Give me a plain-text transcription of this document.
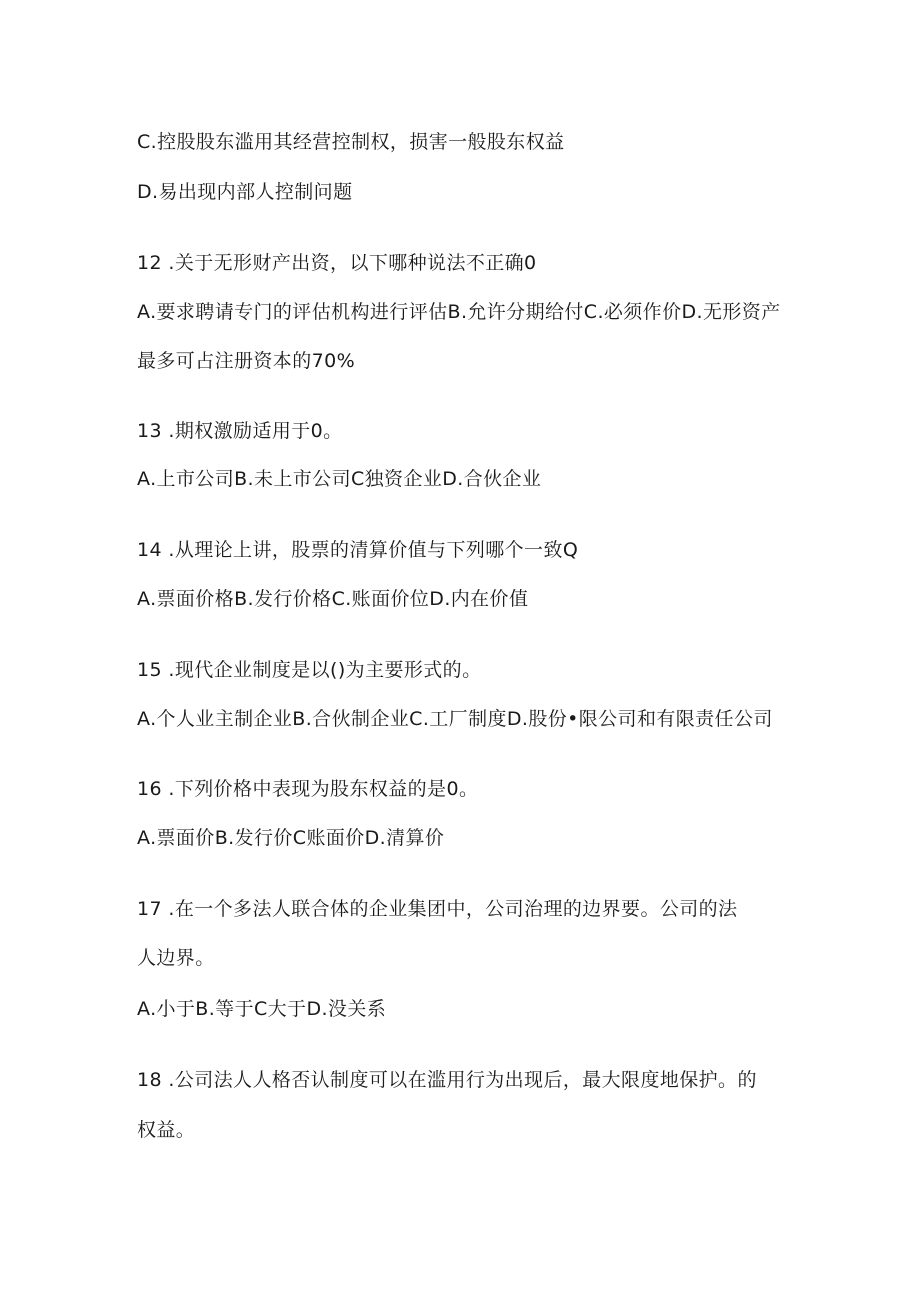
C.控股股东滥用其经营控制权，损害一般股东权益
D.易出现内部人控制问题
12 .关于无形财产出资，以下哪种说法不正确0
A.要求聘请专门的评估机构进行评估B.允许分期给付C.必须作价D.无形资产
最多可占注册资本的70%
13 .期权激励适用于0。
A.上市公司B.未上市公司C独资企业D.合伙企业
14 .从理论上讲，股票的清算价值与下列哪个一致Q
A.票面价格B.发行价格C.账面价位D.内在价值
15 .现代企业制度是以()为主要形式的。
A.个人业主制企业B.合伙制企业C.工厂制度D.股份•限公司和有限责任公司
16 .下列价格中表现为股东权益的是0。
A.票面价B.发行价C账面价D.清算价
17 .在一个多法人联合体的企业集团中，公司治理的边界要。公司的法
人边界。
A.小于B.等于C大于D.没关系
18 .公司法人人格否认制度可以在滥用行为出现后，最大限度地保护。的
权益。
